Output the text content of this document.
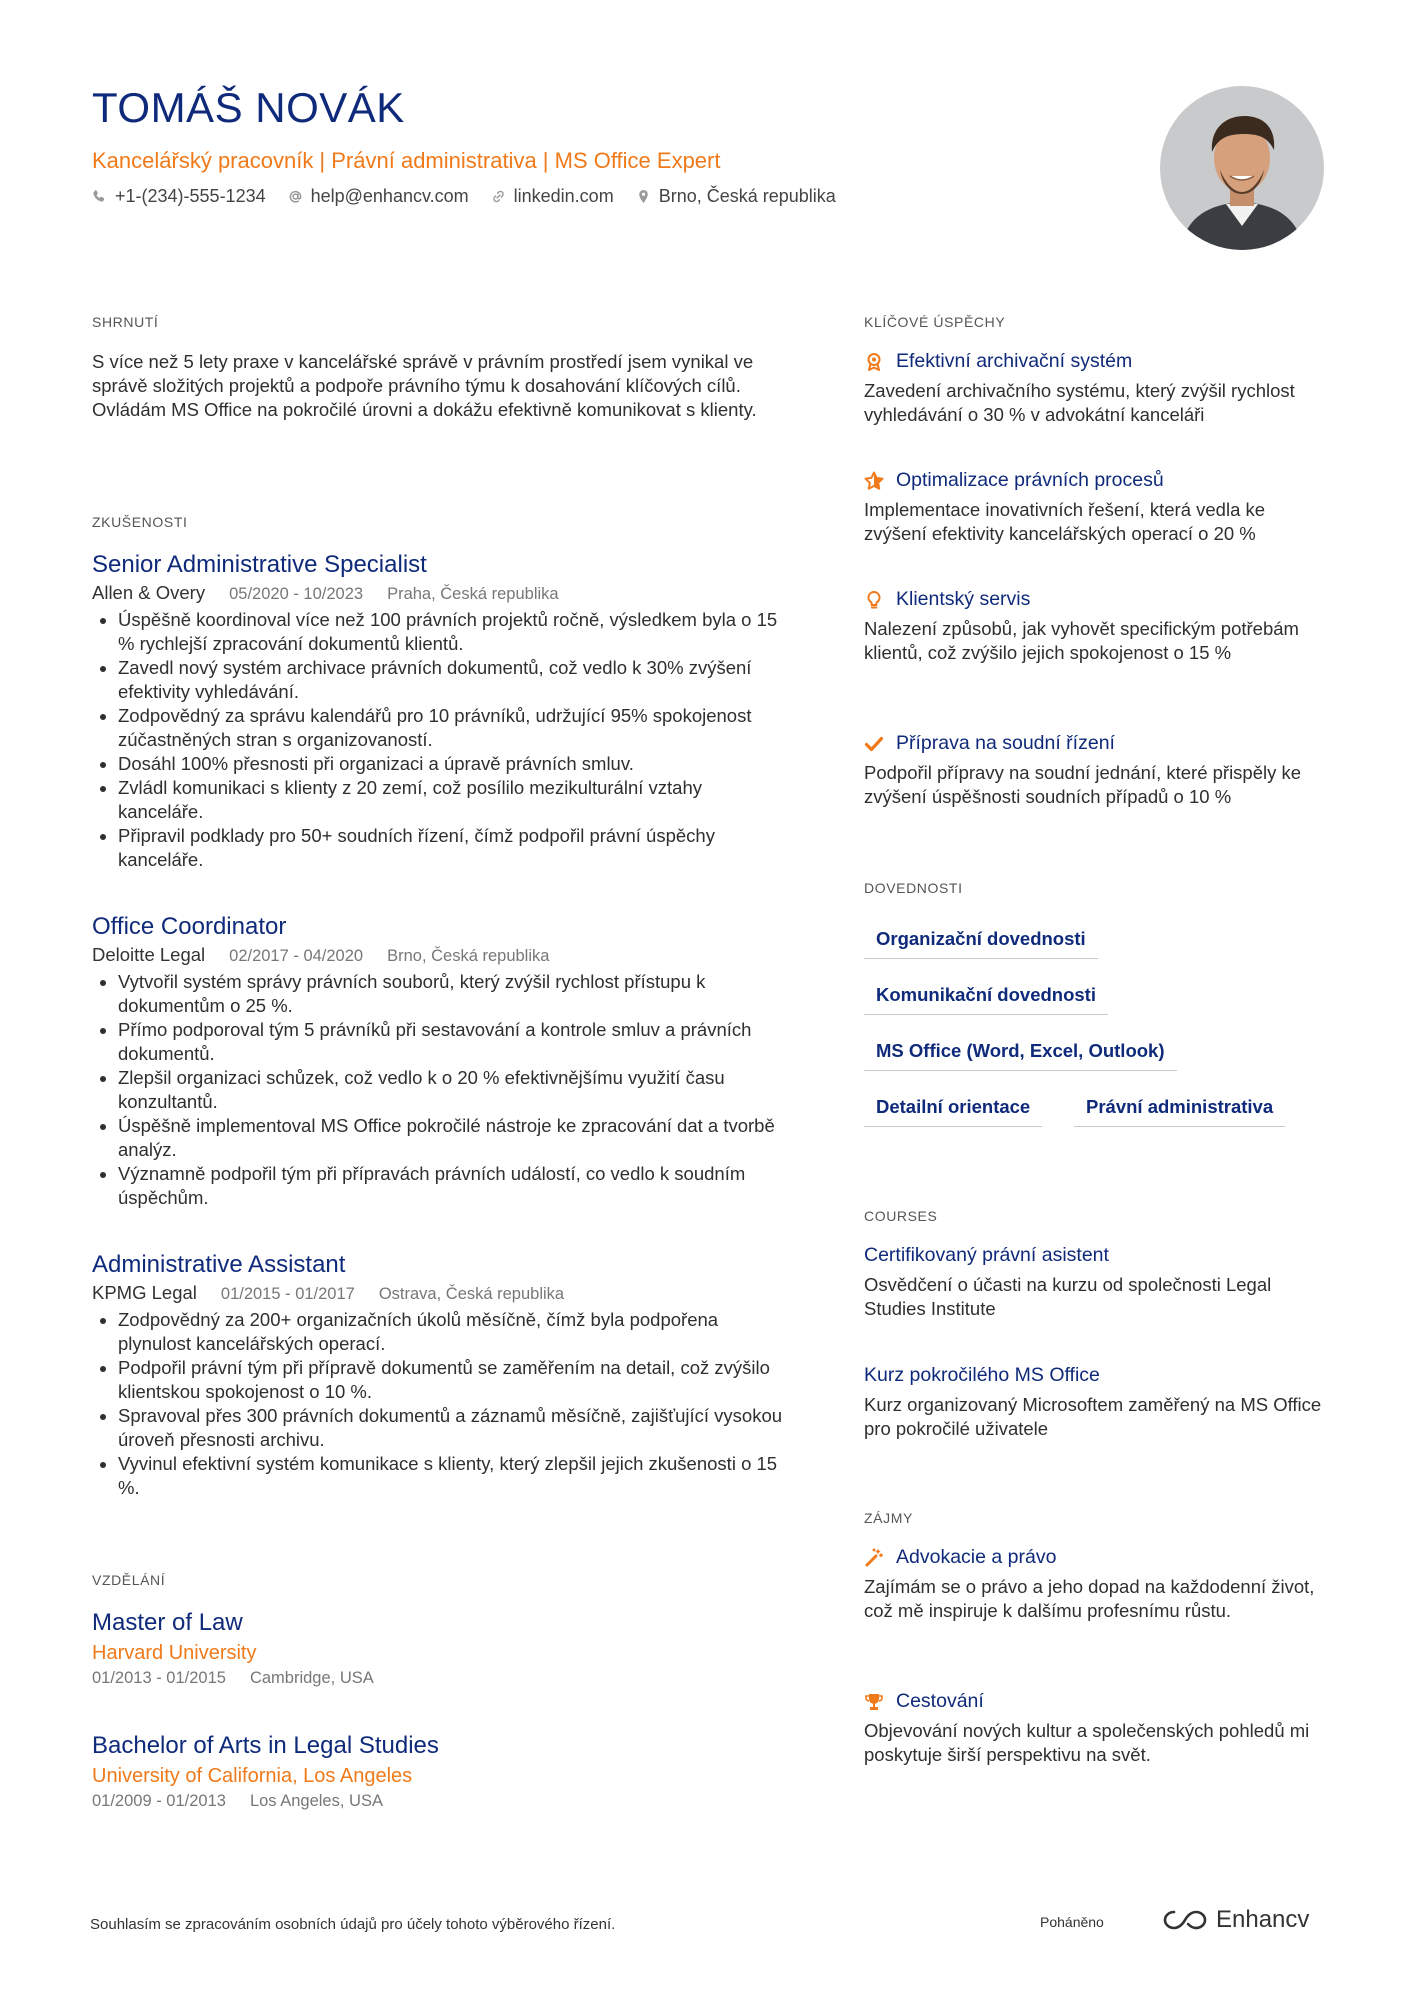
TOMÁŠ NOVÁK
Kancelářský pracovník | Právní administrativa | MS Office Expert
+1-(234)-555-1234	help@enhancv.com	linkedin.com	Brno, Česká republika
SHRNUTÍ
S více než 5 lety praxe v kancelářské správě v právním prostředí jsem vynikal ve správě složitých projektů a podpoře právního týmu k dosahování klíčových cílů. Ovládám MS Office na pokročilé úrovni a dokážu efektivně komunikovat s klienty.
ZKUŠENOSTI
Senior Administrative Specialist
Allen & Overy 05/2020 - 10/2023 Praha, Česká republika
• Úspěšně koordinoval více než 100 právních projektů ročně, výsledkem byla o 15 % rychlejší zpracování dokumentů klientů.
• Zavedl nový systém archivace právních dokumentů, což vedlo k 30% zvýšení efektivity vyhledávání.
• Zodpovědný za správu kalendářů pro 10 právníků, udržující 95% spokojenost zúčastněných stran s organizovaností.
• Dosáhl 100% přesnosti při organizaci a úpravě právních smluv.
• Zvládl komunikaci s klienty z 20 zemí, což posílilo mezikulturální vztahy kanceláře.
• Připravil podklady pro 50+ soudních řízení, čímž podpořil právní úspěchy kanceláře.
Office Coordinator
Deloitte Legal 02/2017 - 04/2020 Brno, Česká republika
• Vytvořil systém správy právních souborů, který zvýšil rychlost přístupu k dokumentům o 25 %.
• Přímo podporoval tým 5 právníků při sestavování a kontrole smluv a právních dokumentů.
• Zlepšil organizaci schůzek, což vedlo k o 20 % efektivnějšímu využití času konzultantů.
• Úspěšně implementoval MS Office pokročilé nástroje ke zpracování dat a tvorbě analýz.
• Významně podpořil tým při přípravách právních událostí, co vedlo k soudním úspěchům.
Administrative Assistant
KPMG Legal 01/2015 - 01/2017 Ostrava, Česká republika
• Zodpovědný za 200+ organizačních úkolů měsíčně, čímž byla podpořena plynulost kancelářských operací.
• Podpořil právní tým při přípravě dokumentů se zaměřením na detail, což zvýšilo klientskou spokojenost o 10 %.
• Spravoval přes 300 právních dokumentů a záznamů měsíčně, zajišťující vysokou úroveň přesnosti archivu.
• Vyvinul efektivní systém komunikace s klienty, který zlepšil jejich zkušenosti o 15 %.
VZDĚLÁNÍ
Master of Law
Harvard University
01/2013 - 01/2015 Cambridge, USA
Bachelor of Arts in Legal Studies
University of California, Los Angeles
01/2009 - 01/2013 Los Angeles, USA
KLÍČOVÉ ÚSPĚCHY
Efektivní archivační systém
Zavedení archivačního systému, který zvýšil rychlost vyhledávání o 30 % v advokátní kanceláři
Optimalizace právních procesů
Implementace inovativních řešení, která vedla ke zvýšení efektivity kancelářských operací o 20 %
Klientský servis
Nalezení způsobů, jak vyhovět specifickým potřebám klientů, což zvýšilo jejich spokojenost o 15 %
Příprava na soudní řízení
Podpořil přípravy na soudní jednání, které přispěly ke zvýšení úspěšnosti soudních případů o 10 %
DOVEDNOSTI
Organizační dovednosti
Komunikační dovednosti
MS Office (Word, Excel, Outlook)
Detailní orientace	Právní administrativa
COURSES
Certifikovaný právní asistent
Osvědčení o účasti na kurzu od společnosti Legal Studies Institute
Kurz pokročilého MS Office
Kurz organizovaný Microsoftem zaměřený na MS Office pro pokročilé uživatele
ZÁJMY
Advokacie a právo
Zajímám se o právo a jeho dopad na každodenní život, což mě inspiruje k dalšímu profesnímu růstu.
Cestování
Objevování nových kultur a společenských pohledů mi poskytuje širší perspektivu na svět.
Souhlasím se zpracováním osobních údajů pro účely tohoto výběrového řízení.	Poháněno	Enhancv
